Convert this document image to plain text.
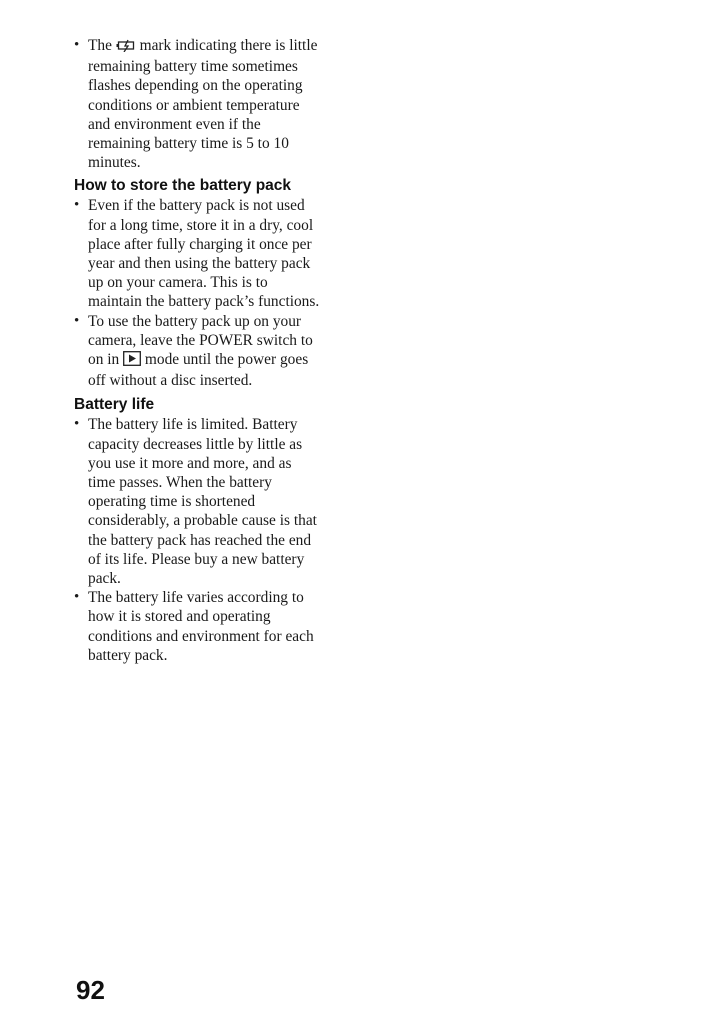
• The  mark indicating there is little
remaining battery time sometimes
flashes depending on the operating
conditions or ambient temperature
and environment even if the
remaining battery time is 5 to 10
minutes.
How to store the battery pack
• Even if the battery pack is not used
for a long time, store it in a dry, cool
place after fully charging it once per
year and then using the battery pack
up on your camera. This is to
maintain the battery pack’s functions.
• To use the battery pack up on your
camera, leave the POWER switch to
on in  mode until the power goes
off without a disc inserted.
Battery life
• The battery life is limited. Battery
capacity decreases little by little as
you use it more and more, and as
time passes. When the battery
operating time is shortened
considerably, a probable cause is that
the battery pack has reached the end
of its life. Please buy a new battery
pack.
• The battery life varies according to
how it is stored and operating
conditions and environment for each
battery pack.
92
